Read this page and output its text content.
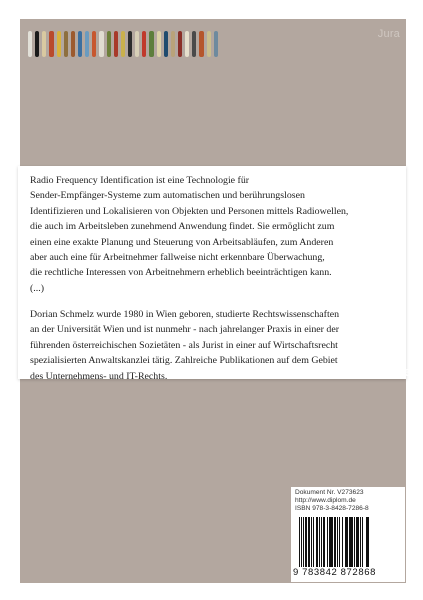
Jura

Radio Frequency Identification ist eine Technologie für
Sender-Empfänger-Systeme zum automatischen und berührungslosen
Identifizieren und Lokalisieren von Objekten und Personen mittels Radiowellen,
die auch im Arbeitsleben zunehmend Anwendung findet. Sie ermöglicht zum
einen eine exakte Planung und Steuerung von Arbeitsabläufen, zum Anderen
aber auch eine für Arbeitnehmer fallweise nicht erkennbare Überwachung,
die rechtliche Interessen von Arbeitnehmern erheblich beeinträchtigen kann.
(...)

Dorian Schmelz wurde 1980 in Wien geboren, studierte Rechtswissenschaften
an der Universität Wien und ist nunmehr - nach jahrelanger Praxis in einer der
führenden österreichischen Sozietäten - als Jurist in einer auf Wirtschaftsrecht
spezialisierten Anwaltskanzlei tätig. Zahlreiche Publikationen auf dem Gebiet
des Unternehmens- und IT-Rechts.	www.diplom.de
Dokument Nr. V273623
http://www.diplom.de
ISBN 978-3-8428-7286-8
9 783842 872868
